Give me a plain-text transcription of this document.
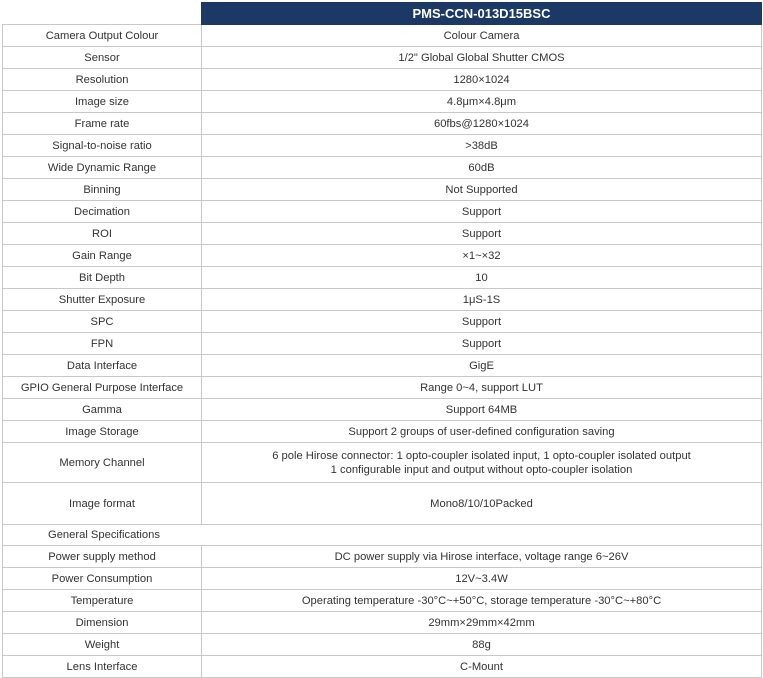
	PMS-CCN-013D15BSC
Camera Output Colour	Colour Camera
Sensor	1/2" Global Global Shutter CMOS
Resolution	1280×1024
Image size	4.8μm×4.8μm
Frame rate	60fbs@1280×1024
Signal-to-noise ratio	>38dB
Wide Dynamic Range	60dB
Binning	Not Supported
Decimation	Support
ROI	Support
Gain Range	×1~×32
Bit Depth	10
Shutter Exposure	1μS-1S
SPC	Support
FPN	Support
Data Interface	GigE
GPIO General Purpose Interface	Range 0~4, support LUT
Gamma	Support 64MB
Image Storage	Support 2 groups of user-defined configuration saving
Memory Channel	6 pole Hirose connector: 1 opto-coupler isolated input, 1 opto-coupler isolated output
1 configurable input and output without opto-coupler isolation

Image format	Mono8/10/10Packed
General Specifications	
Power supply method	DC power supply via Hirose interface, voltage range 6~26V
Power Consumption	12V~3.4W
Temperature	Operating temperature -30°C~+50°C, storage temperature -30°C~+80°C
Dimension	29mm×29mm×42mm
Weight	88g
Lens Interface	C-Mount
